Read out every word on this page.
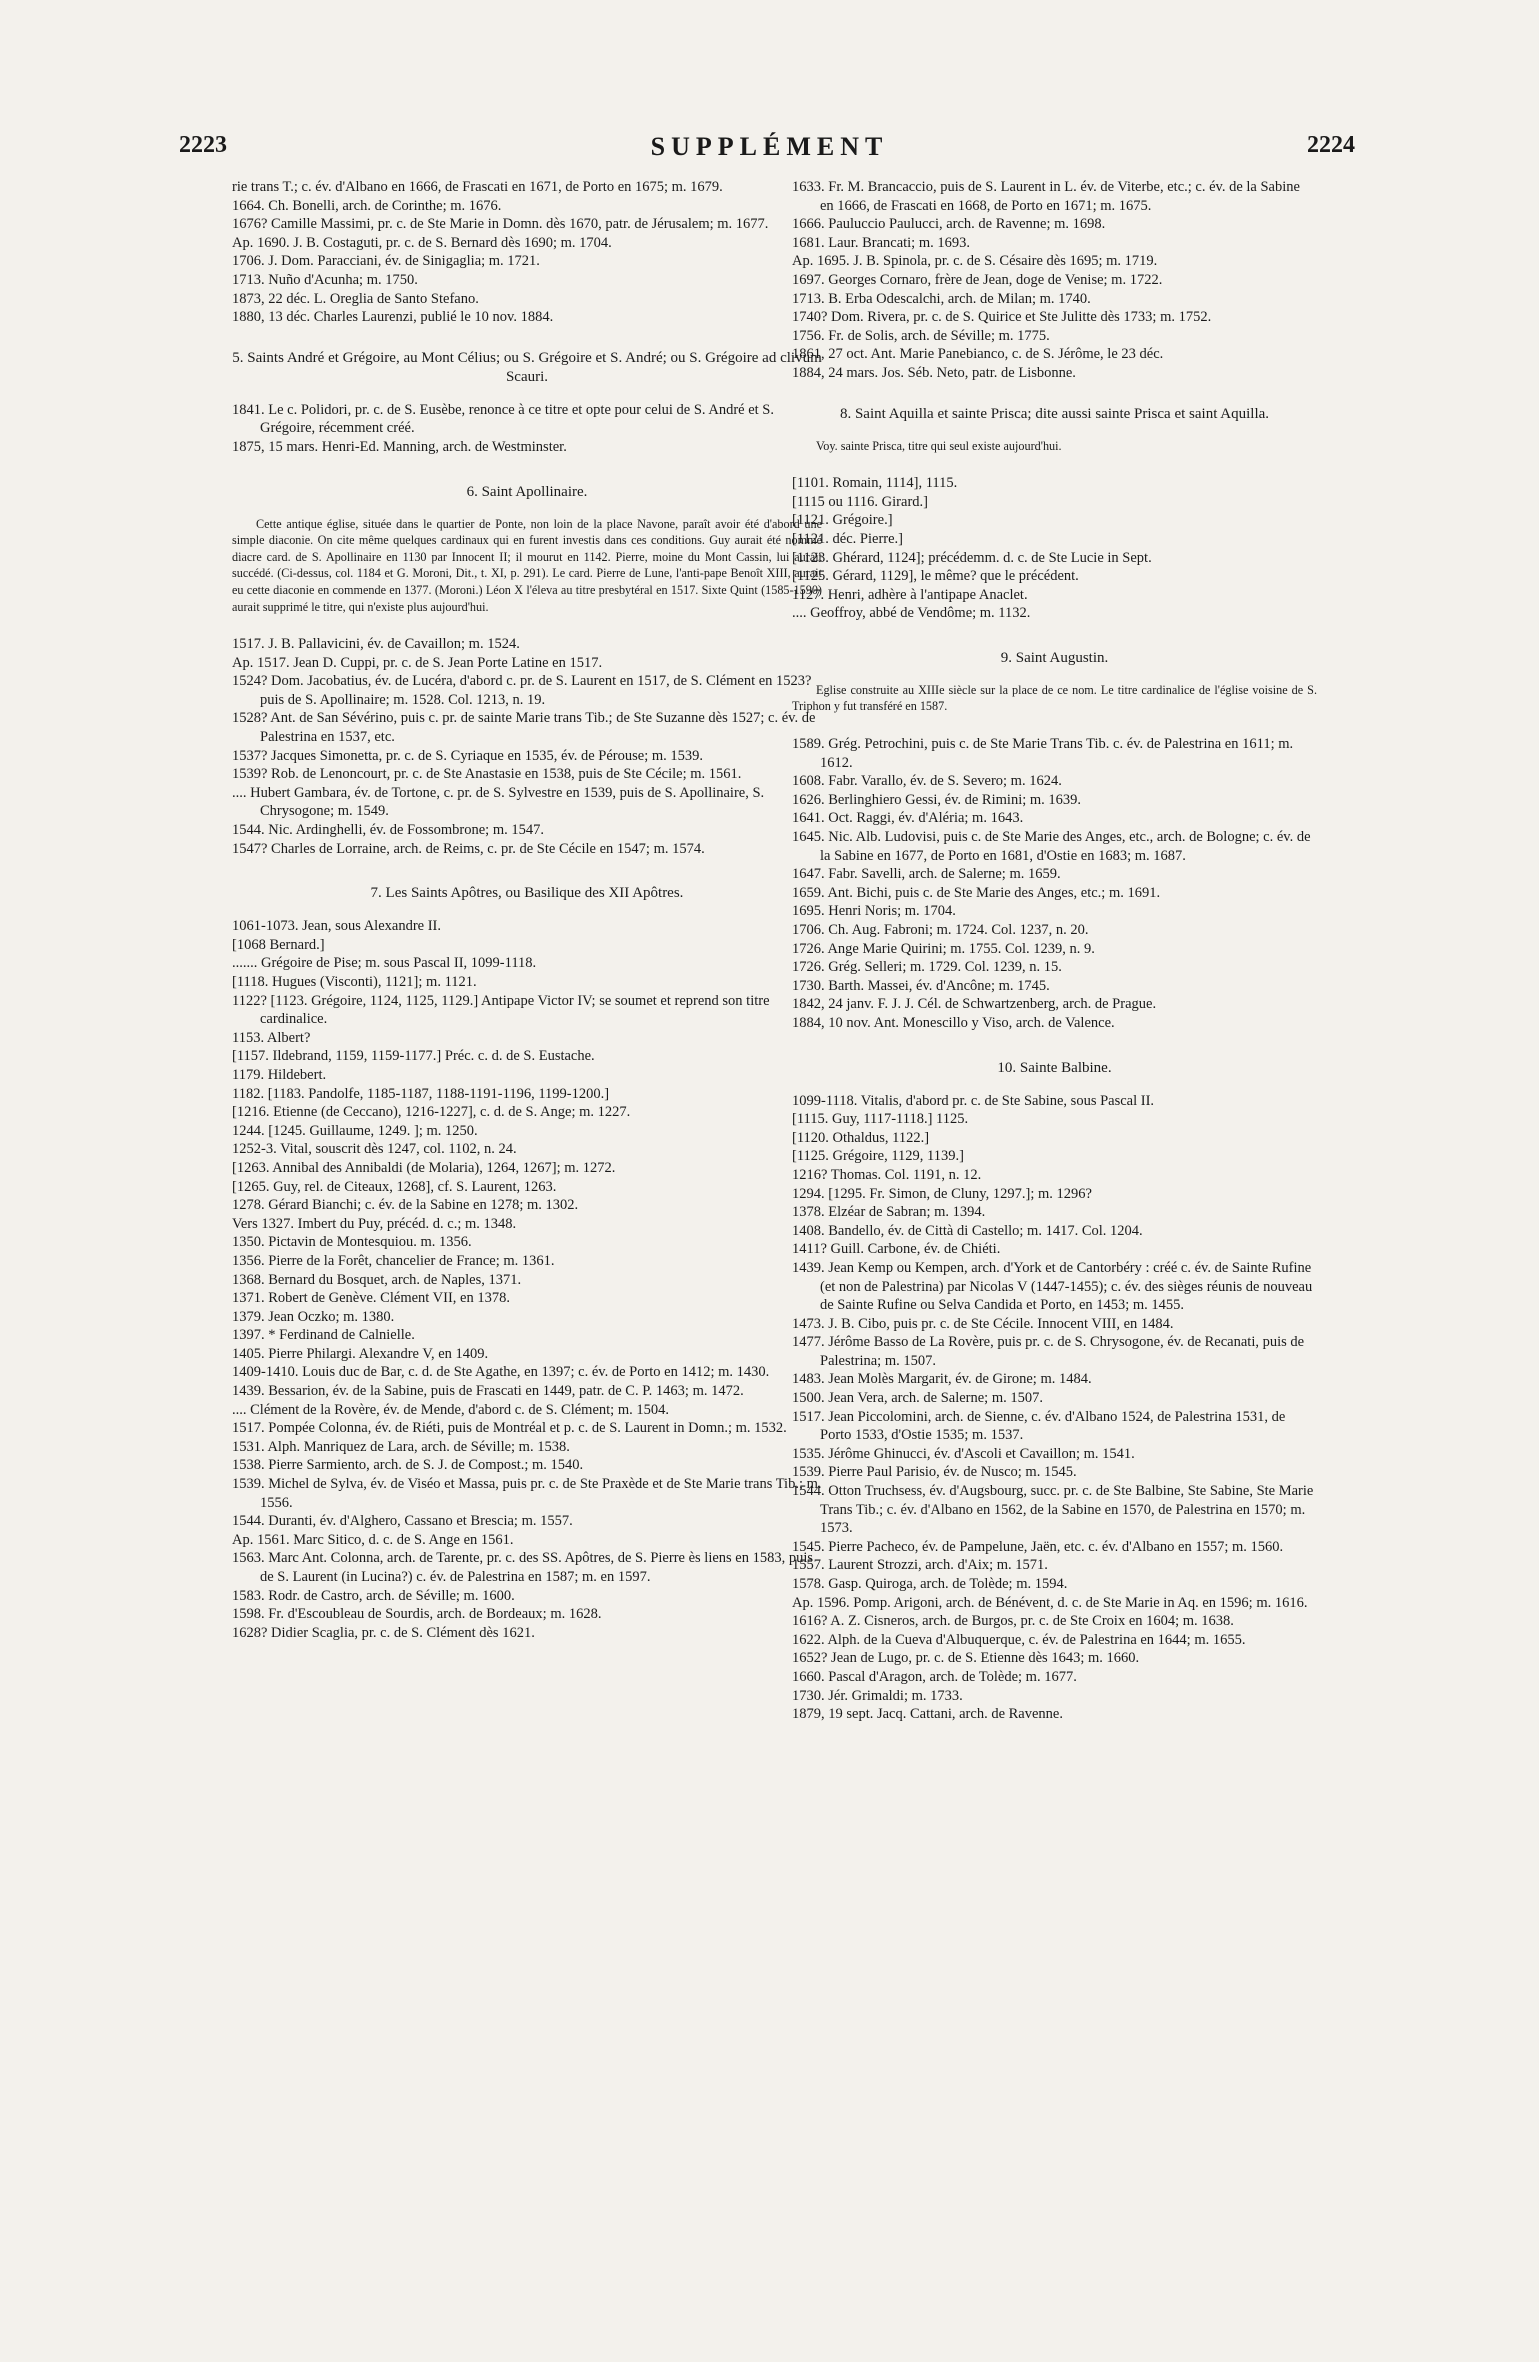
2223	SUPPLÉMENT	2224

rie trans T.; c. év. d'Albano en 1666, de Frascati en 1671, de Porto en 1675; m. 1679.

1664. Ch. Bonelli, arch. de Corinthe; m. 1676.

1676? Camille Massimi, pr. c. de Ste Marie in Domn. dès 1670, patr. de Jérusalem; m. 1677.

Ap. 1690. J. B. Costaguti, pr. c. de S. Bernard dès 1690; m. 1704.

1706. J. Dom. Paracciani, év. de Sinigaglia; m. 1721.

1713. Nuño d'Acunha; m. 1750.

1873, 22 déc. L. Oreglia de Santo Stefano.

1880, 13 déc. Charles Laurenzi, publié le 10 nov. 1884.

5. Saints André et Grégoire, au Mont Célius; ou S. Grégoire et S. André; ou S. Grégoire ad clivum Scauri.

1841. Le c. Polidori, pr. c. de S. Eusèbe, renonce à ce titre et opte pour celui de S. André et S. Grégoire, récemment créé.

1875, 15 mars. Henri-Ed. Manning, arch. de Westminster.

6. Saint Apollinaire.

Cette antique église, située dans le quartier de Ponte, non loin de la place Navone, paraît avoir été d'abord une simple diaconie. On cite même quelques cardinaux qui en furent investis dans ces conditions. Guy aurait été nommé diacre card. de S. Apollinaire en 1130 par Innocent II; il mourut en 1142. Pierre, moine du Mont Cassin, lui aurait succédé. (Ci-dessus, col. 1184 et G. Moroni, Dit., t. XI, p. 291). Le card. Pierre de Lune, l'anti-pape Benoît XIII, aurait eu cette diaconie en commende en 1377. (Moroni.) Léon X l'éleva au titre presbytéral en 1517. Sixte Quint (1585-1590) aurait supprimé le titre, qui n'existe plus aujourd'hui.

1517. J. B. Pallavicini, év. de Cavaillon; m. 1524.

Ap. 1517. Jean D. Cuppi, pr. c. de S. Jean Porte Latine en 1517.

1524? Dom. Jacobatius, év. de Lucéra, d'abord c. pr. de S. Laurent en 1517, de S. Clément en 1523? puis de S. Apollinaire; m. 1528. Col. 1213, n. 19.

1528? Ant. de San Sévérino, puis c. pr. de sainte Marie trans Tib.; de Ste Suzanne dès 1527; c. év. de Palestrina en 1537, etc.

1537? Jacques Simonetta, pr. c. de S. Cyriaque en 1535, év. de Pérouse; m. 1539.

1539? Rob. de Lenoncourt, pr. c. de Ste Anastasie en 1538, puis de Ste Cécile; m. 1561.

.... Hubert Gambara, év. de Tortone, c. pr. de S. Sylvestre en 1539, puis de S. Apollinaire, S. Chrysogone; m. 1549.

1544. Nic. Ardinghelli, év. de Fossombrone; m. 1547.

1547? Charles de Lorraine, arch. de Reims, c. pr. de Ste Cécile en 1547; m. 1574.

7. Les Saints Apôtres, ou Basilique des XII Apôtres.

1061-1073. Jean, sous Alexandre II.

[1068 Bernard.]

....... Grégoire de Pise; m. sous Pascal II, 1099-1118.

[1118. Hugues (Visconti), 1121]; m. 1121.

1122? [1123. Grégoire, 1124, 1125, 1129.] Antipape Victor IV; se soumet et reprend son titre cardinalice.

1153. Albert?

[1157. Ildebrand, 1159, 1159-1177.] Préc. c. d. de S. Eustache.

1179. Hildebert.

1182. [1183. Pandolfe, 1185-1187, 1188-1191-1196, 1199-1200.]

[1216. Etienne (de Ceccano), 1216-1227], c. d. de S. Ange; m. 1227.

1244. [1245. Guillaume, 1249. ]; m. 1250.

1252-3. Vital, souscrit dès 1247, col. 1102, n. 24.

[1263. Annibal des Annibaldi (de Molaria), 1264, 1267]; m. 1272.

[1265. Guy, rel. de Citeaux, 1268], cf. S. Laurent, 1263.

1278. Gérard Bianchi; c. év. de la Sabine en 1278; m. 1302.

Vers 1327. Imbert du Puy, précéd. d. c.; m. 1348.

1350. Pictavin de Montesquiou. m. 1356.

1356. Pierre de la Forêt, chancelier de France; m. 1361.

1368. Bernard du Bosquet, arch. de Naples, 1371.

1371. Robert de Genève. Clément VII, en 1378.

1379. Jean Oczko; m. 1380.

1397. * Ferdinand de Calnielle.

1405. Pierre Philargi. Alexandre V, en 1409.

1409-1410. Louis duc de Bar, c. d. de Ste Agathe, en 1397; c. év. de Porto en 1412; m. 1430.

1439. Bessarion, év. de la Sabine, puis de Frascati en 1449, patr. de C. P. 1463; m. 1472.

.... Clément de la Rovère, év. de Mende, d'abord c. de S. Clément; m. 1504.

1517. Pompée Colonna, év. de Riéti, puis de Montréal et p. c. de S. Laurent in Domn.; m. 1532.

1531. Alph. Manriquez de Lara, arch. de Séville; m. 1538.

1538. Pierre Sarmiento, arch. de S. J. de Compost.; m. 1540.

1539. Michel de Sylva, év. de Viséo et Massa, puis pr. c. de Ste Praxède et de Ste Marie trans Tib.; m. 1556.

1544. Duranti, év. d'Alghero, Cassano et Brescia; m. 1557.

Ap. 1561. Marc Sitico, d. c. de S. Ange en 1561.

1563. Marc Ant. Colonna, arch. de Tarente, pr. c. des SS. Apôtres, de S. Pierre ès liens en 1583, puis de S. Laurent (in Lucina?) c. év. de Palestrina en 1587; m. en 1597.

1583. Rodr. de Castro, arch. de Séville; m. 1600.

1598. Fr. d'Escoubleau de Sourdis, arch. de Bordeaux; m. 1628.

1628? Didier Scaglia, pr. c. de S. Clément dès 1621.

1633. Fr. M. Brancaccio, puis de S. Laurent in L. év. de Viterbe, etc.; c. év. de la Sabine en 1666, de Frascati en 1668, de Porto en 1671; m. 1675.

1666. Pauluccio Paulucci, arch. de Ravenne; m. 1698.

1681. Laur. Brancati; m. 1693.

Ap. 1695. J. B. Spinola, pr. c. de S. Césaire dès 1695; m. 1719.

1697. Georges Cornaro, frère de Jean, doge de Venise; m. 1722.

1713. B. Erba Odescalchi, arch. de Milan; m. 1740.

1740? Dom. Rivera, pr. c. de S. Quirice et Ste Julitte dès 1733; m. 1752.

1756. Fr. de Solis, arch. de Séville; m. 1775.

1861, 27 oct. Ant. Marie Panebianco, c. de S. Jérôme, le 23 déc.

1884, 24 mars. Jos. Séb. Neto, patr. de Lisbonne.

8. Saint Aquilla et sainte Prisca; dite aussi sainte Prisca et saint Aquilla.

Voy. sainte Prisca, titre qui seul existe aujourd'hui.

[1101. Romain, 1114], 1115.

[1115 ou 1116. Girard.]

[1121. Grégoire.]

[1121. déc. Pierre.]

[1123. Ghérard, 1124]; précédemm. d. c. de Ste Lucie in Sept.

[1125. Gérard, 1129], le même? que le précédent.

1127. Henri, adhère à l'antipape Anaclet.

.... Geoffroy, abbé de Vendôme; m. 1132.

9. Saint Augustin.

Eglise construite au XIIIe siècle sur la place de ce nom. Le titre cardinalice de l'église voisine de S. Triphon y fut transféré en 1587.

1589. Grég. Petrochini, puis c. de Ste Marie Trans Tib. c. év. de Palestrina en 1611; m. 1612.

1608. Fabr. Varallo, év. de S. Severo; m. 1624.

1626. Berlinghiero Gessi, év. de Rimini; m. 1639.

1641. Oct. Raggi, év. d'Aléria; m. 1643.

1645. Nic. Alb. Ludovisi, puis c. de Ste Marie des Anges, etc., arch. de Bologne; c. év. de la Sabine en 1677, de Porto en 1681, d'Ostie en 1683; m. 1687.

1647. Fabr. Savelli, arch. de Salerne; m. 1659.

1659. Ant. Bichi, puis c. de Ste Marie des Anges, etc.; m. 1691.

1695. Henri Noris; m. 1704.

1706. Ch. Aug. Fabroni; m. 1724. Col. 1237, n. 20.

1726. Ange Marie Quirini; m. 1755. Col. 1239, n. 9.

1726. Grég. Selleri; m. 1729. Col. 1239, n. 15.

1730. Barth. Massei, év. d'Ancône; m. 1745.

1842, 24 janv. F. J. J. Cél. de Schwartzenberg, arch. de Prague.

1884, 10 nov. Ant. Monescillo y Viso, arch. de Valence.

10. Sainte Balbine.

1099-1118. Vitalis, d'abord pr. c. de Ste Sabine, sous Pascal II.

[1115. Guy, 1117-1118.] 1125.

[1120. Othaldus, 1122.]

[1125. Grégoire, 1129, 1139.]

1216? Thomas. Col. 1191, n. 12.

1294. [1295. Fr. Simon, de Cluny, 1297.]; m. 1296?

1378. Elzéar de Sabran; m. 1394.

1408. Bandello, év. de Città di Castello; m. 1417. Col. 1204.

1411? Guill. Carbone, év. de Chiéti.

1439. Jean Kemp ou Kempen, arch. d'York et de Cantorbéry : créé c. év. de Sainte Rufine (et non de Palestrina) par Nicolas V (1447-1455); c. év. des sièges réunis de nouveau de Sainte Rufine ou Selva Candida et Porto, en 1453; m. 1455.

1473. J. B. Cibo, puis pr. c. de Ste Cécile. Innocent VIII, en 1484.

1477. Jérôme Basso de La Rovère, puis pr. c. de S. Chrysogone, év. de Recanati, puis de Palestrina; m. 1507.

1483. Jean Molès Margarit, év. de Girone; m. 1484.

1500. Jean Vera, arch. de Salerne; m. 1507.

1517. Jean Piccolomini, arch. de Sienne, c. év. d'Albano 1524, de Palestrina 1531, de Porto 1533, d'Ostie 1535; m. 1537.

1535. Jérôme Ghinucci, év. d'Ascoli et Cavaillon; m. 1541.

1539. Pierre Paul Parisio, év. de Nusco; m. 1545.

1544. Otton Truchsess, év. d'Augsbourg, succ. pr. c. de Ste Balbine, Ste Sabine, Ste Marie Trans Tib.; c. év. d'Albano en 1562, de la Sabine en 1570, de Palestrina en 1570; m. 1573.

1545. Pierre Pacheco, év. de Pampelune, Jaën, etc. c. év. d'Albano en 1557; m. 1560.

1557. Laurent Strozzi, arch. d'Aix; m. 1571.

1578. Gasp. Quiroga, arch. de Tolède; m. 1594.

Ap. 1596. Pomp. Arigoni, arch. de Bénévent, d. c. de Ste Marie in Aq. en 1596; m. 1616.

1616? A. Z. Cisneros, arch. de Burgos, pr. c. de Ste Croix en 1604; m. 1638.

1622. Alph. de la Cueva d'Albuquerque, c. év. de Palestrina en 1644; m. 1655.

1652? Jean de Lugo, pr. c. de S. Etienne dès 1643; m. 1660.

1660. Pascal d'Aragon, arch. de Tolède; m. 1677.

1730. Jér. Grimaldi; m. 1733.

1879, 19 sept. Jacq. Cattani, arch. de Ravenne.
